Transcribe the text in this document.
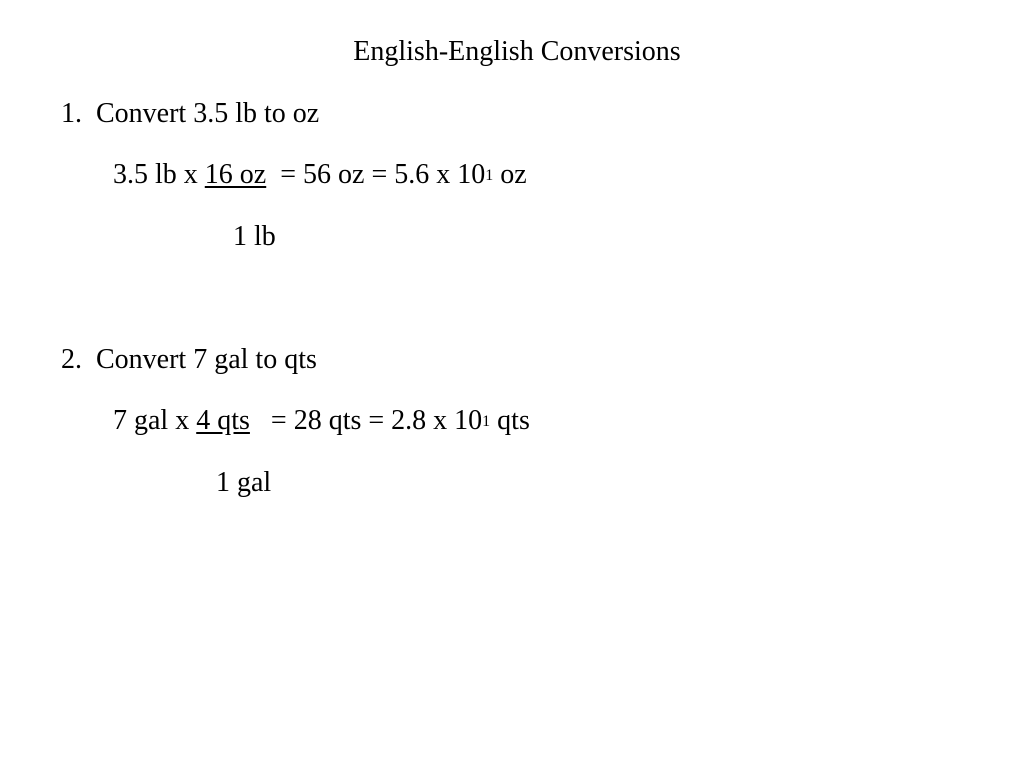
English-English Conversions
1.  Convert 3.5 lb to oz
3.5 lb x 16 oz  = 56 oz = 5.6 x $10^1$ oz
1 lb
2.  Convert 7 gal to qts
7 gal x 4 qts   = 28 qts = 2.8 x $10^1$ qts
1 gal
